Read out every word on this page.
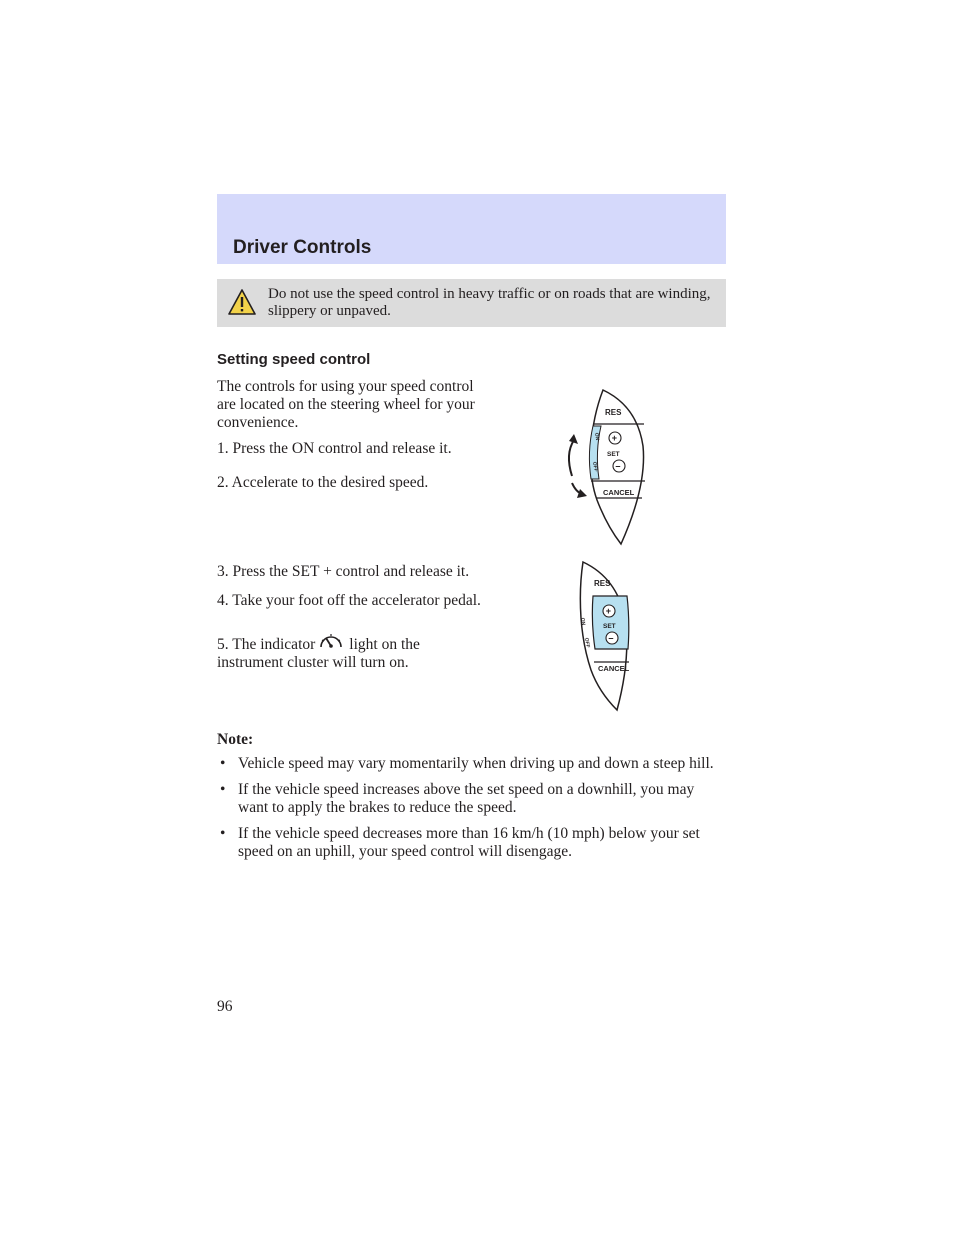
Driver Controls
Do not use the speed control in heavy traffic or on roads that are winding, slippery or unpaved.
Setting speed control

The controls for using your speed control are located on the steering wheel for your convenience.

1. Press the ON control and release it.

2. Accelerate to the desired speed.

3. Press the SET + control and release it.

4. Take your foot off the accelerator pedal.

5. The indicator light on the
instrument cluster will turn on.

RES
+
SET
−
CANCEL
ON
OFF
RES
+
SET
−
CANCEL
ON
OFF

Note:

• Vehicle speed may vary momentarily when driving up and down a steep hill.
• If the vehicle speed increases above the set speed on a downhill, you may want to apply the brakes to reduce the speed.
• If the vehicle speed decreases more than 16 km/h (10 mph) below your set speed on an uphill, your speed control will disengage.

96
